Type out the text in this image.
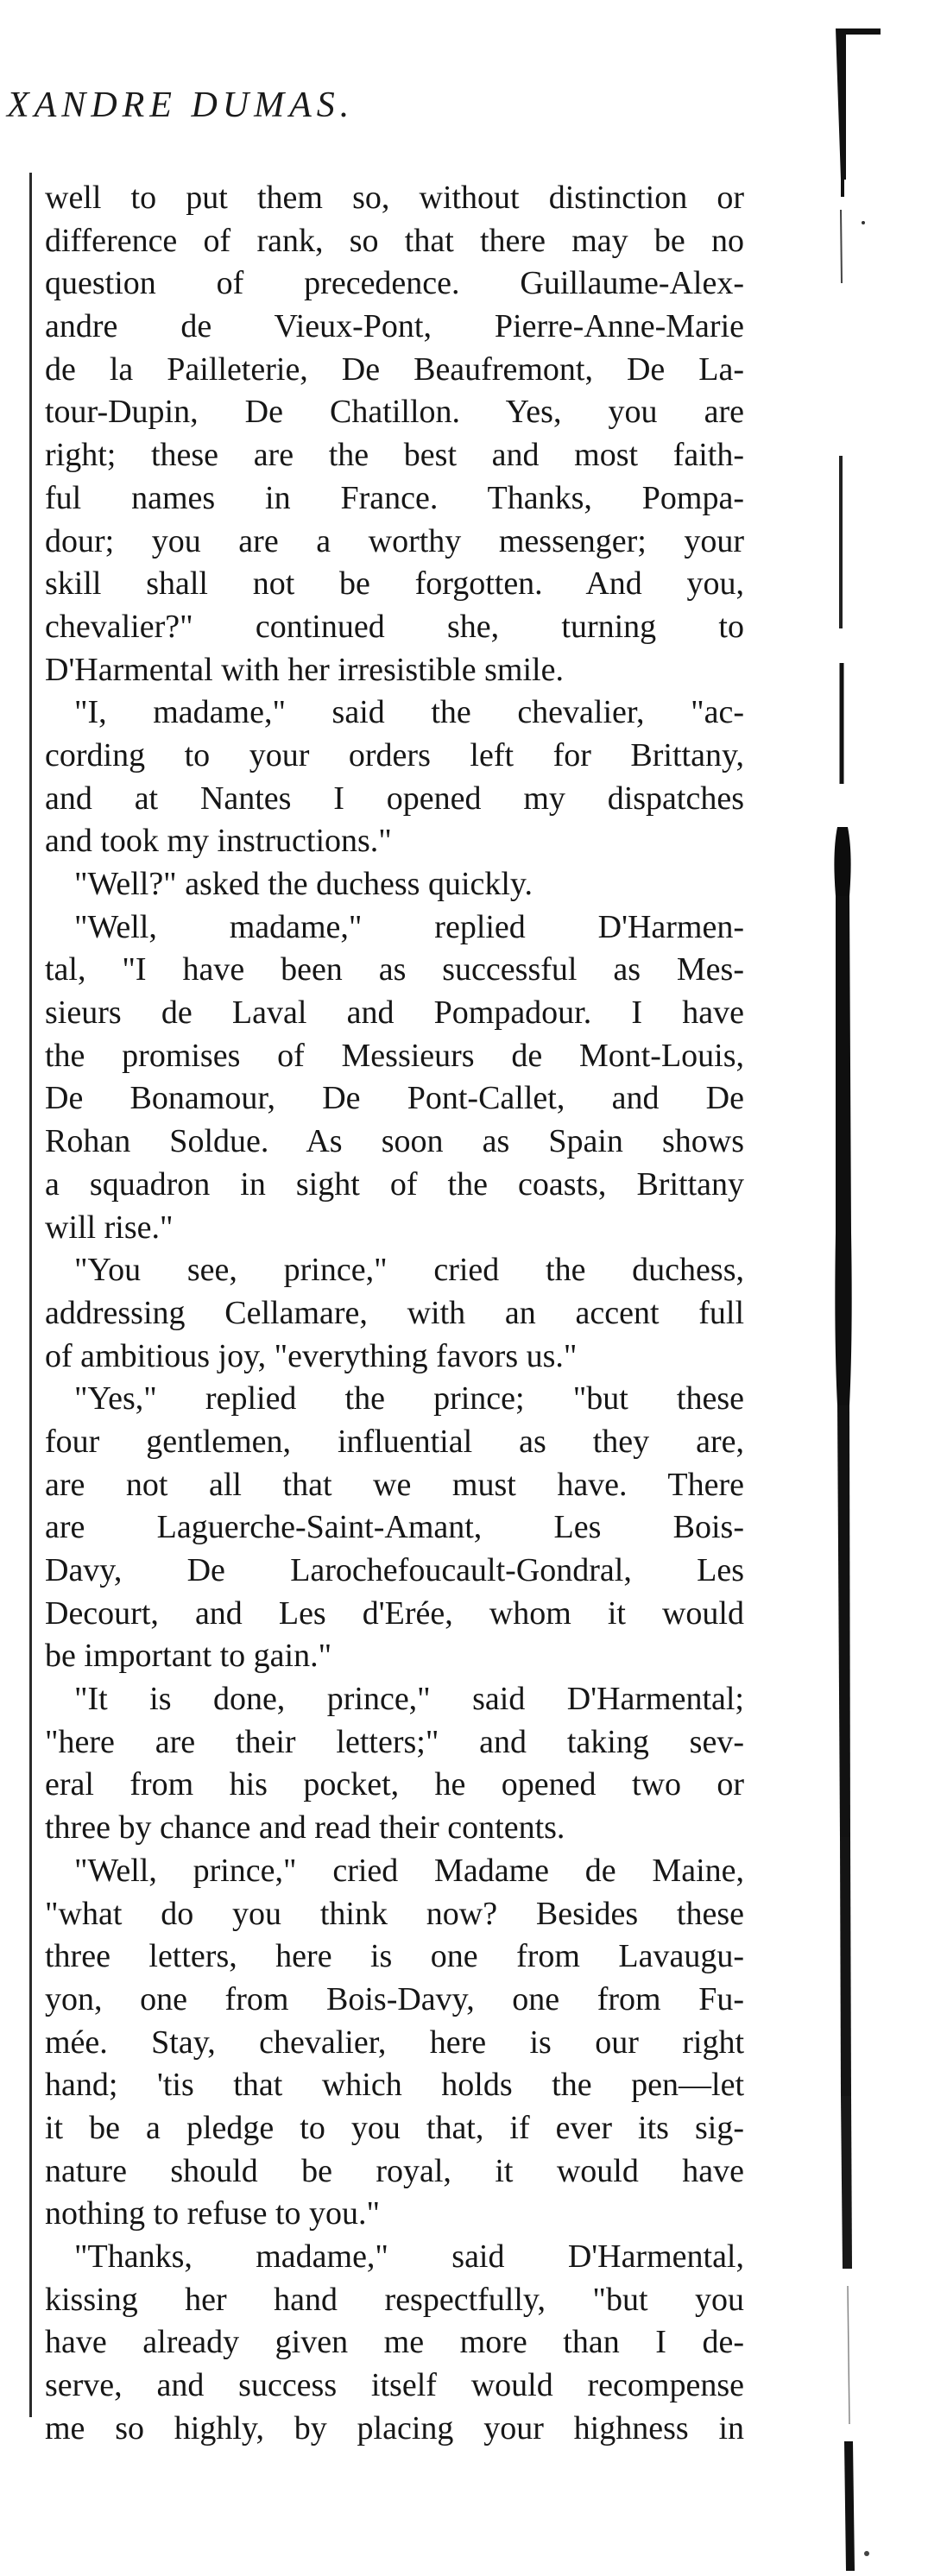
XANDRE DUMAS.
well to put them so, without distinction or
difference of rank, so that there may be no
question of precedence. Guillaume-Alex-
andre de Vieux-Pont, Pierre-Anne-Marie
de la Pailleterie, De Beaufremont, De La-
tour-Dupin, De Chatillon. Yes, you are
right; these are the best and most faith-
ful names in France. Thanks, Pompa-
dour; you are a worthy messenger; your
skill shall not be forgotten. And you,
chevalier?" continued she, turning to
D'Harmental with her irresistible smile.
"I, madame," said the chevalier, "ac-
cording to your orders left for Brittany,
and at Nantes I opened my dispatches
and took my instructions."
"Well?" asked the duchess quickly.
"Well, madame," replied D'Harmen-
tal, "I have been as successful as Mes-
sieurs de Laval and Pompadour. I have
the promises of Messieurs de Mont-Louis,
De Bonamour, De Pont-Callet, and De
Rohan Soldue. As soon as Spain shows
a squadron in sight of the coasts, Brittany
will rise."
"You see, prince," cried the duchess,
addressing Cellamare, with an accent full
of ambitious joy, "everything favors us."
"Yes," replied the prince; "but these
four gentlemen, influential as they are,
are not all that we must have. There
are Laguerche-Saint-Amant, Les Bois-
Davy, De Larochefoucault-Gondral, Les
Decourt, and Les d'Erée, whom it would
be important to gain."
"It is done, prince," said D'Harmental;
"here are their letters;" and taking sev-
eral from his pocket, he opened two or
three by chance and read their contents.
"Well, prince," cried Madame de Maine,
"what do you think now? Besides these
three letters, here is one from Lavaugu-
yon, one from Bois-Davy, one from Fu-
mée. Stay, chevalier, here is our right
hand; 'tis that which holds the pen—let
it be a pledge to you that, if ever its sig-
nature should be royal, it would have
nothing to refuse to you."
"Thanks, madame," said D'Harmental,
kissing her hand respectfully, "but you
have already given me more than I de-
serve, and success itself would recompense
me so highly, by placing your highness in
